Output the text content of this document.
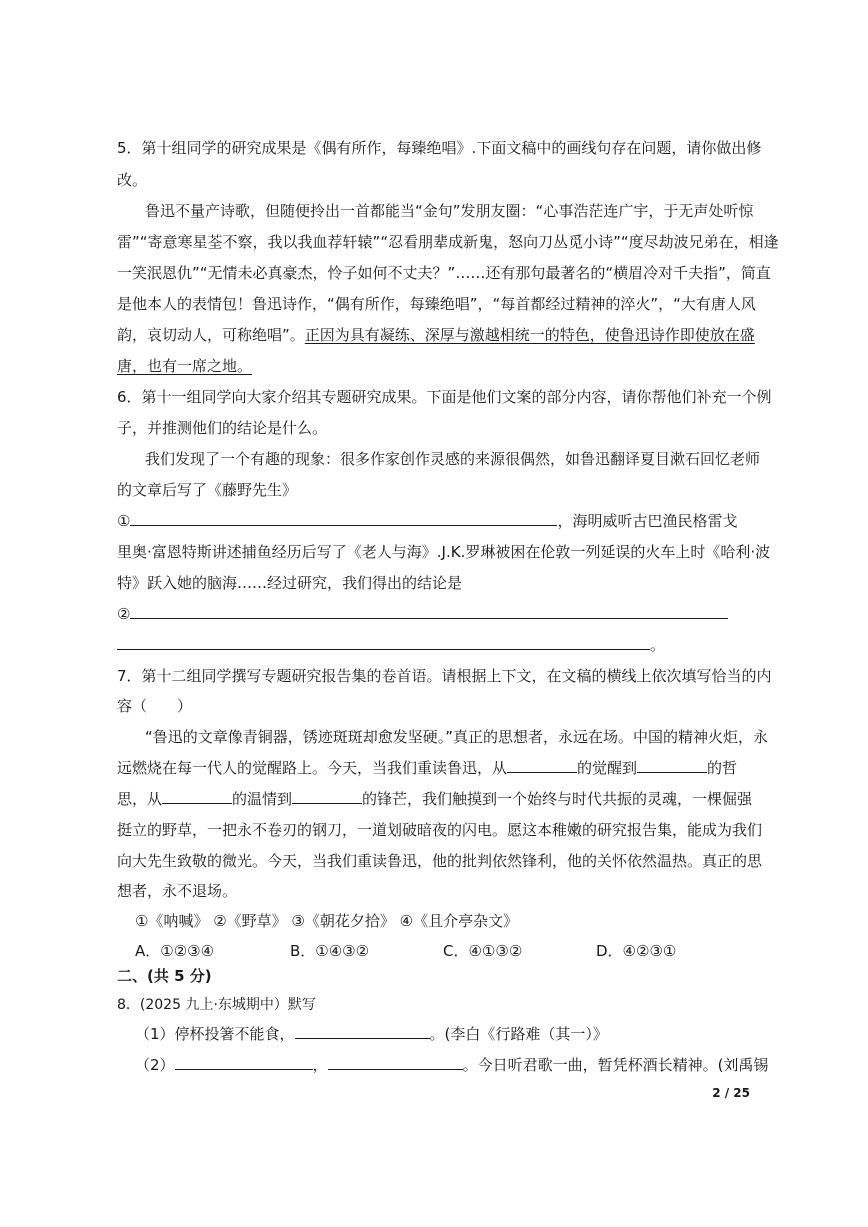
5．第十组同学的研究成果是《偶有所作，每臻绝唱》.下面文稿中的画线句存在问题，请你做出修
改。
鲁迅不量产诗歌，但随便拎出一首都能当“金句”发朋友圈：“心事浩茫连广宇，于无声处听惊
雷”“寄意寒星荃不察，我以我血荐轩辕”“忍看朋辈成新鬼，怒向刀丛觅小诗”“度尽劫波兄弟在，相逢
一笑泯恩仇”“无情未必真豪杰，怜子如何不丈夫？”……还有那句最著名的“横眉冷对千夫指”，简直
是他本人的表情包！鲁迅诗作，“偶有所作，每臻绝唱”，“每首都经过精神的淬火”，“大有唐人风
韵，哀切动人，可称绝唱”。正因为具有凝练、深厚与激越相统一的特色，使鲁迅诗作即使放在盛
唐，也有一席之地。
6．第十一组同学向大家介绍其专题研究成果。下面是他们文案的部分内容，请你帮他们补充一个例
子，并推测他们的结论是什么。
我们发现了一个有趣的现象：很多作家创作灵感的来源很偶然，如鲁迅翻译夏目漱石回忆老师
的文章后写了《藤野先生》
①	，海明威听古巴渔民格雷戈
里奥·富恩特斯讲述捕鱼经历后写了《老人与海》.J.K.罗琳被困在伦敦一列延误的火车上时《哈利·波
特》跃入她的脑海……经过研究，我们得出的结论是
②
。
7．第十二组同学撰写专题研究报告集的卷首语。请根据上下文，在文稿的横线上依次填写恰当的内
容（　　）
“鲁迅的文章像青铜器，锈迹斑斑却愈发坚硬。”真正的思想者，永远在场。中国的精神火炬，永
远燃烧在每一代人的觉醒路上。今天，当我们重读鲁迅，从	的觉醒到	的哲
思，从	的温情到	的锋芒，我们触摸到一个始终与时代共振的灵魂，一棵倔强
挺立的野草，一把永不卷刃的钢刀，一道划破暗夜的闪电。愿这本稚嫩的研究报告集，能成为我们
向大先生致敬的微光。今天，当我们重读鲁迅，他的批判依然锋利，他的关怀依然温热。真正的思
想者，永不退场。
①《呐喊》 ②《野草》 ③《朝花夕拾》 ④《且介亭杂文》
A．①②③④	B．①④③②	C．④①③②	D．④②③①
二、(共 5 分)
8．(2025 九上·东城期中）默写
（1）停杯投箸不能食，	。(李白《行路难（其一）》
（2）	，	。今日听君歌一曲，暂凭杯酒长精神。(刘禹锡
2 / 25
